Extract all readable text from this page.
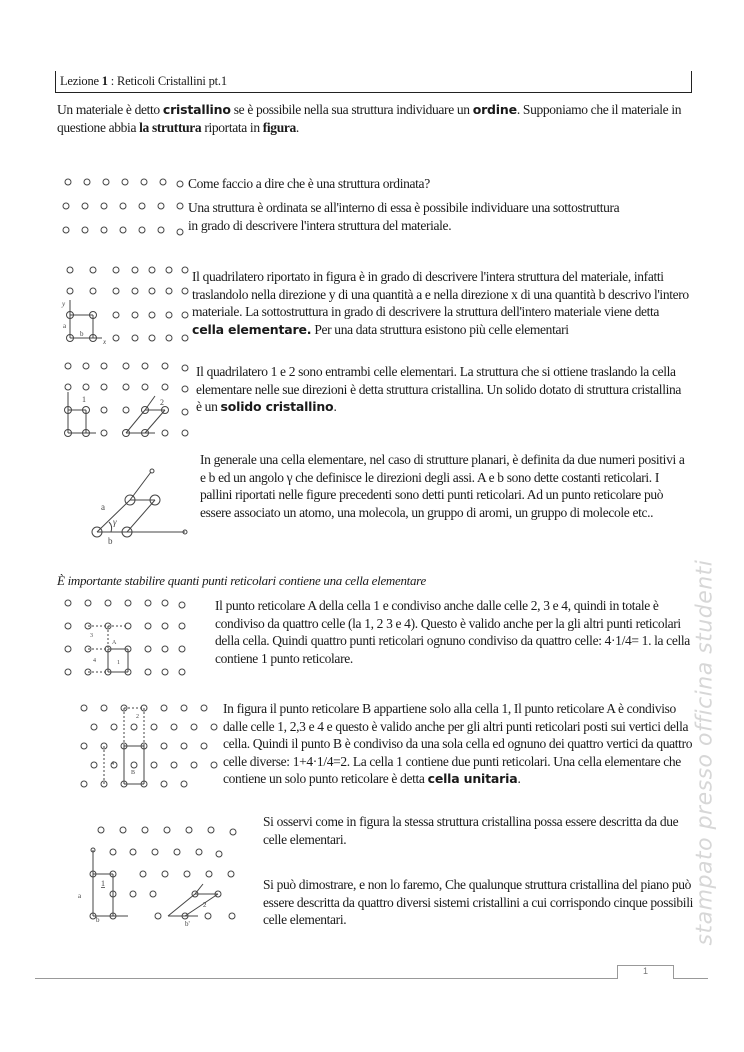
Lezione 1 : Reticoli Cristallini pt.1
Un materiale è detto cristallino se è possibile nella sua struttura individuare un ordine. Supponiamo che il materiale in questione abbia la struttura riportata in figura.
Come faccio a dire che è una struttura ordinata?
Una struttura è ordinata se all'interno di essa è possibile individuare una sottostruttura in grado di descrivere l'intera struttura del materiale.
y
x
a
b
Il quadrilatero riportato in figura è in grado di descrivere l'intera struttura del materiale, infatti traslandolo nella direzione y di una quantità a e nella direzione x di una quantità b descrivo l'intero materiale. La sottostruttura in grado di descrivere la struttura dell'intero materiale viene detta cella elementare. Per una data struttura esistono più celle elementari
1	2
Il quadrilatero 1 e 2 sono entrambi celle elementari. La struttura che si ottiene traslando la cella elementare nelle sue direzioni è detta struttura cristallina. Un solido dotato di struttura cristallina è un solido cristallino.
a
b
γ
In generale una cella elementare, nel caso di strutture planari, è definita da due numeri positivi a e b ed un angolo γ che definisce le direzioni degli assi. A e b sono dette costanti reticolari. I pallini riportati nelle figure precedenti sono detti punti reticolari. Ad un punto reticolare può essere associato un atomo, una molecola, un gruppo di aromi, un gruppo di molecole etc..
È importante stabilire quanti punti reticolari contiene una cella elementare
1
A
3
4
Il punto reticolare A della cella 1 e condiviso anche dalle celle 2, 3 e 4, quindi in totale è condiviso da quattro celle (la 1, 2 3 e 4). Questo è valido anche per la gli altri punti reticolari della cella. Quindi quattro punti reticolari ognuno condiviso da quattro celle: 4·1/4= 1. la cella contiene 1 punto reticolare.
B
4
2
In figura il punto reticolare B appartiene solo alla cella 1, Il punto reticolare A è condiviso dalle celle 1, 2,3 e 4 e questo è valido anche per gli altri punti reticolari posti sui vertici della cella. Quindi il punto B è condiviso da una sola cella ed ognuno dei quattro vertici da quattro celle diverse: 1+4·1/4=2. La cella 1 contiene due punti reticolari. Una cella elementare che contiene un solo punto reticolare è detta cella unitaria.
1
2
a
b	b'
Si osservi come in figura la stessa struttura cristallina possa essere descritta da due celle elementari.
Si può dimostrare, e non lo faremo, Che qualunque struttura cristallina del piano può essere descritta da quattro diversi sistemi cristallini a cui corrispondo cinque possibili celle elementari.	stampato presso officina studenti
1
